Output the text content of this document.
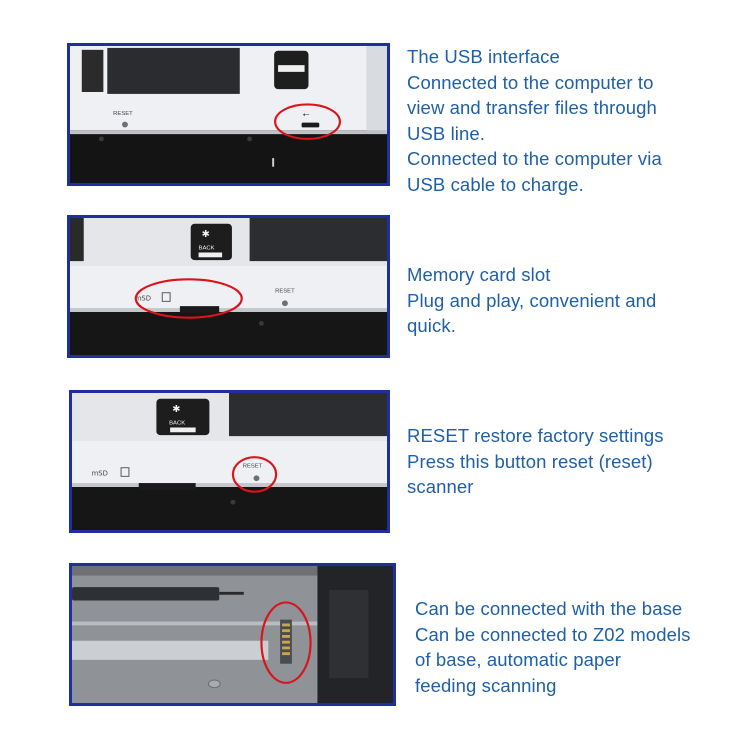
RESET	⭠
The USB interface
Connected to the computer to
view and transfer files through
USB line.
Connected to the computer via
USB cable to charge.
✱
BACK
mSD
RESET
Memory card slot
Plug and play, convenient and
quick.
✱
BACK
mSD
RESET
RESET restore factory settings
Press this button reset (reset)
scanner
Can be connected with the base
Can be connected to Z02 models
of base, automatic paper
feeding scanning
